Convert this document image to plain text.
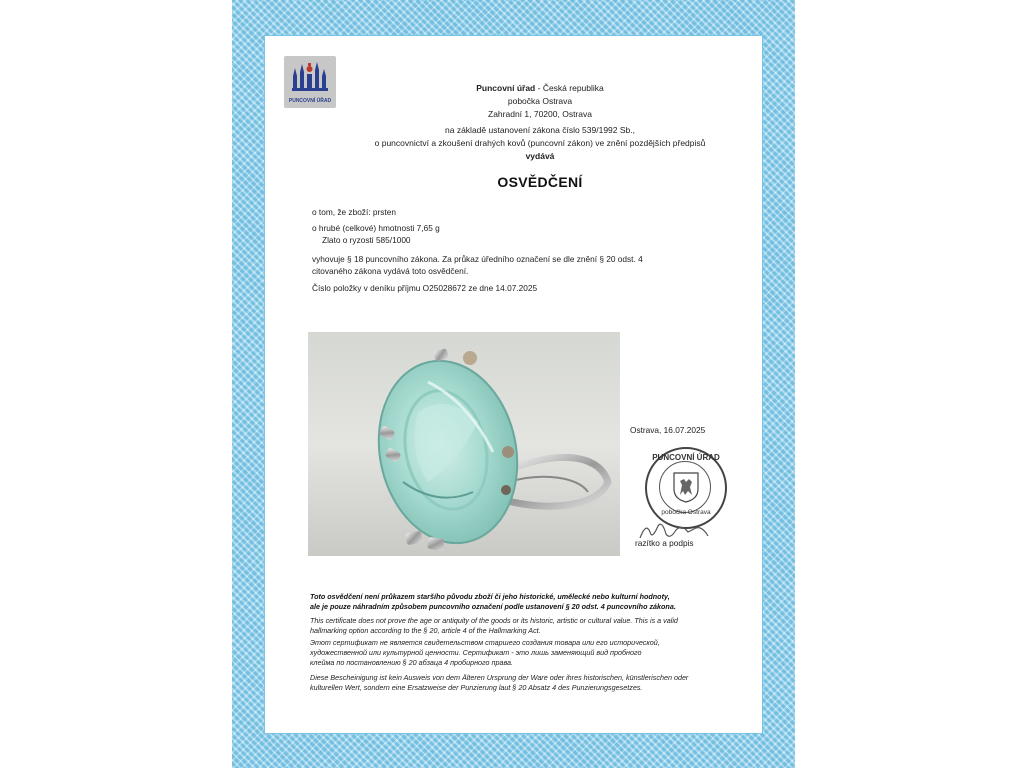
PUNCOVNÍ ÚŘAD
Puncovní úřad - Česká republika
pobočka Ostrava
Zahradní 1, 70200, Ostrava
na základě ustanovení zákona číslo 539/1992 Sb.,
o puncovnictví a zkoušení drahých kovů (puncovní zákon) ve znění pozdějších předpisů
vydává
OSVĚDČENÍ
o tom, že zboží: prsten
o hrubé (celkové) hmotnosti 7,65 g
Zlato o ryzosti 585/1000
vyhovuje § 18 puncovního zákona. Za průkaz úředního označení se dle znění § 20 odst. 4
citovaného zákona vydává toto osvědčení.
Číslo položky v deníku příjmu O25028672 ze dne 14.07.2025
Ostrava, 16.07.2025
PUNCOVNÍ ÚŘAD
pobočka Ostrava
razítko a podpis
Toto osvědčení není průkazem staršího původu zboží či jeho historické, umělecké nebo kulturní hodnoty,
ale je pouze náhradním způsobem puncovního označení podle ustanovení § 20 odst. 4 puncovního zákona.
This certificate does not prove the age or antiquity of the goods or its historic, artistic or cultural value. This is a valid
hallmarking option according to the § 20, article 4 of the Hallmarking Act.
Этот сертификат не является свидетельством старшего создания товара или его исторической,
художественной или культурной ценности. Сертификат - это лишь заменяющий вид пробного
клейма по постановлению § 20 абзаца 4 пробирного права.
Diese Bescheinigung ist kein Ausweis von dem Älteren Ursprung der Ware oder ihres historischen, künstlerischen oder
kulturellen Wert, sondern eine Ersatzweise der Punzierung laut § 20 Absatz 4 des Punzierungsgesetzes.
